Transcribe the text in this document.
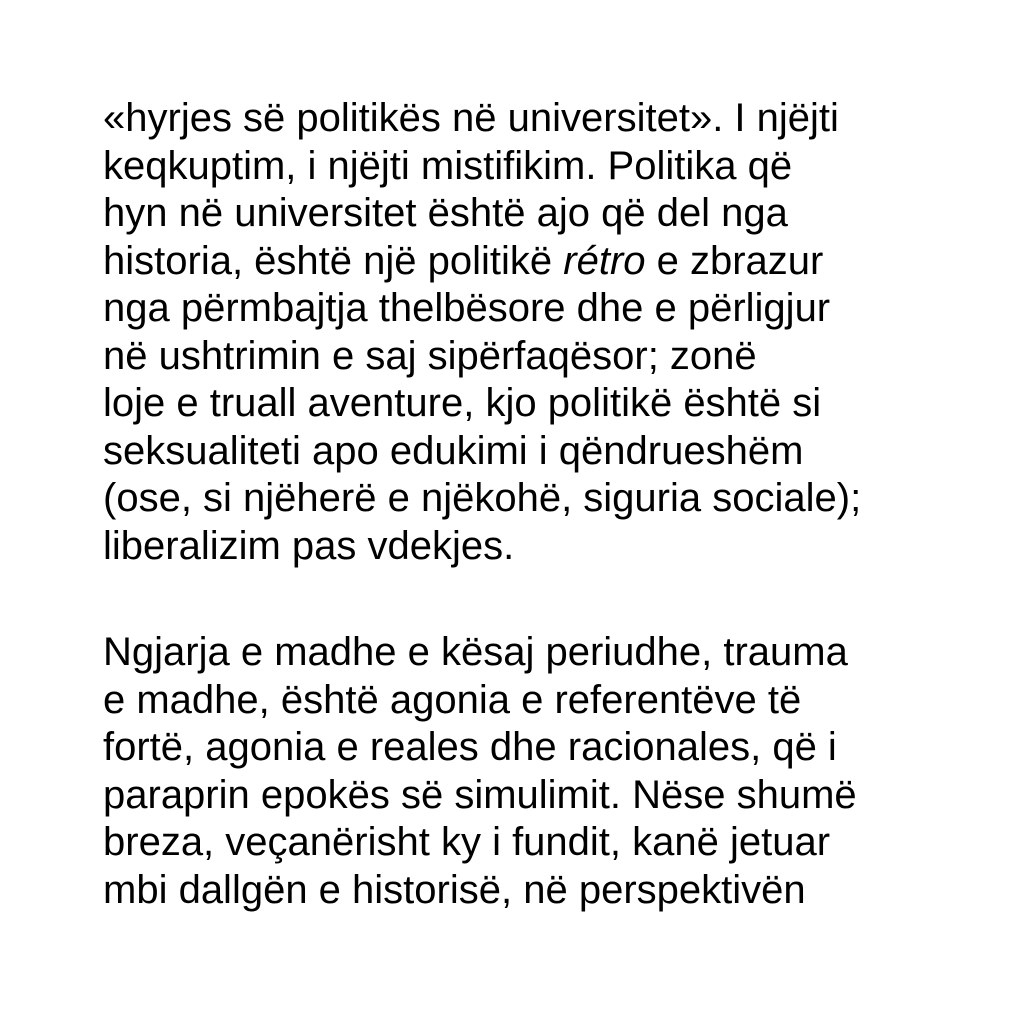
«hyrjes së politikës në universitet». I njëjti
keqkuptim, i njëjti mistifikim. Politika që
hyn në universitet është ajo që del nga
historia, është një politikë rétro e zbrazur
nga përmbajtja thelbësore dhe e përligjur
në ushtrimin e saj sipërfaqësor; zonë
loje e truall aventure, kjo politikë është si
seksualiteti apo edukimi i qëndrueshëm
(ose, si njëherë e njëkohë, siguria sociale);
liberalizim pas vdekjes.
Ngjarja e madhe e kësaj periudhe, trauma
e madhe, është agonia e referentëve të
fortë, agonia e reales dhe racionales, që i
paraprin epokës së simulimit. Nëse shumë
breza, veçanërisht ky i fundit, kanë jetuar
mbi dallgën e historisë, në perspektivën
